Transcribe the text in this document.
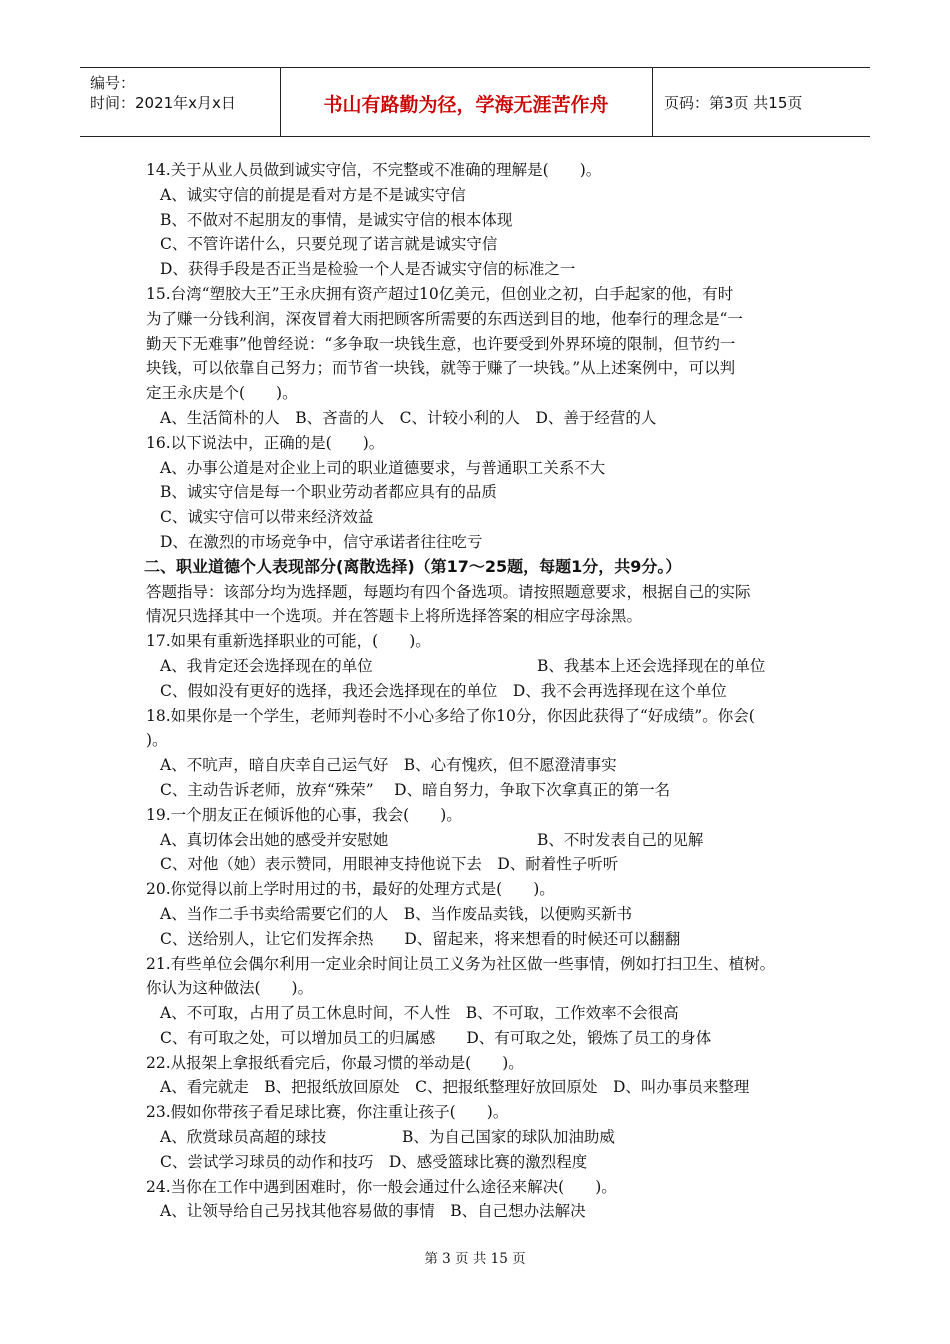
编号：
时间：2021年x月x日	书山有路勤为径，学海无涯苦作舟	页码：第3页 共15页
14.关于从业人员做到诚实守信，不完整或不准确的理解是(　　)。
A、诚实守信的前提是看对方是不是诚实守信
B、不做对不起朋友的事情，是诚实守信的根本体现
C、不管许诺什么，只要兑现了诺言就是诚实守信
D、获得手段是否正当是检验一个人是否诚实守信的标准之一
15.台湾“塑胶大王”王永庆拥有资产超过10亿美元，但创业之初，白手起家的他，有时
为了赚一分钱利润，深夜冒着大雨把顾客所需要的东西送到目的地，他奉行的理念是“一
勤天下无难事”他曾经说：“多争取一块钱生意，也许要受到外界环境的限制，但节约一
块钱，可以依靠自己努力；而节省一块钱，就等于赚了一块钱。”从上述案例中，可以判
定王永庆是个(　　)。
A、生活简朴的人　B、吝啬的人　C、计较小利的人　D、善于经营的人
16.以下说法中，正确的是(　　)。
A、办事公道是对企业上司的职业道德要求，与普通职工关系不大
B、诚实守信是每一个职业劳动者都应具有的品质
C、诚实守信可以带来经济效益
D、在激烈的市场竞争中，信守承诺者往往吃亏
二、职业道德个人表现部分(离散选择)（第17～25题，每题1分，共9分。）
答题指导：该部分均为选择题，每题均有四个备选项。请按照题意要求，根据自己的实际
情况只选择其中一个选项。并在答题卡上将所选择答案的相应字母涂黑。
17.如果有重新选择职业的可能，(　　)。
A、我肯定还会选择现在的单位	B、我基本上还会选择现在的单位
C、假如没有更好的选择，我还会选择现在的单位　D、我不会再选择现在这个单位
18.如果你是一个学生，老师判卷时不小心多给了你10分，你因此获得了“好成绩”。你会(
)。
A、不吭声，暗自庆幸自己运气好　B、心有愧疚，但不愿澄清事实
C、主动告诉老师，放弃“殊荣”　 D、暗自努力，争取下次拿真正的第一名
19.一个朋友正在倾诉他的心事，我会(　　)。
A、真切体会出她的感受并安慰她	B、不时发表自己的见解
C、对他（她）表示赞同，用眼神支持他说下去　D、耐着性子听听
20.你觉得以前上学时用过的书，最好的处理方式是(　　)。
A、当作二手书卖给需要它们的人　B、当作废品卖钱，以便购买新书
C、送给别人，让它们发挥余热　　D、留起来，将来想看的时候还可以翻翻
21.有些单位会偶尔利用一定业余时间让员工义务为社区做一些事情，例如打扫卫生、植树。
你认为这种做法(　　)。
A、不可取，占用了员工休息时间，不人性　B、不可取，工作效率不会很高
C、有可取之处，可以增加员工的归属感　　D、有可取之处，锻炼了员工的身体
22.从报架上拿报纸看完后，你最习惯的举动是(　　)。
A、看完就走　B、把报纸放回原处　C、把报纸整理好放回原处　D、叫办事员来整理
23.假如你带孩子看足球比赛，你注重让孩子(　　)。
A、欣赏球员高超的球技	B、为自己国家的球队加油助威
C、尝试学习球员的动作和技巧　D、感受篮球比赛的激烈程度
24.当你在工作中遇到困难时，你一般会通过什么途径来解决(　　)。
A、让领导给自己另找其他容易做的事情　B、自己想办法解决
第 3 页 共 15 页
